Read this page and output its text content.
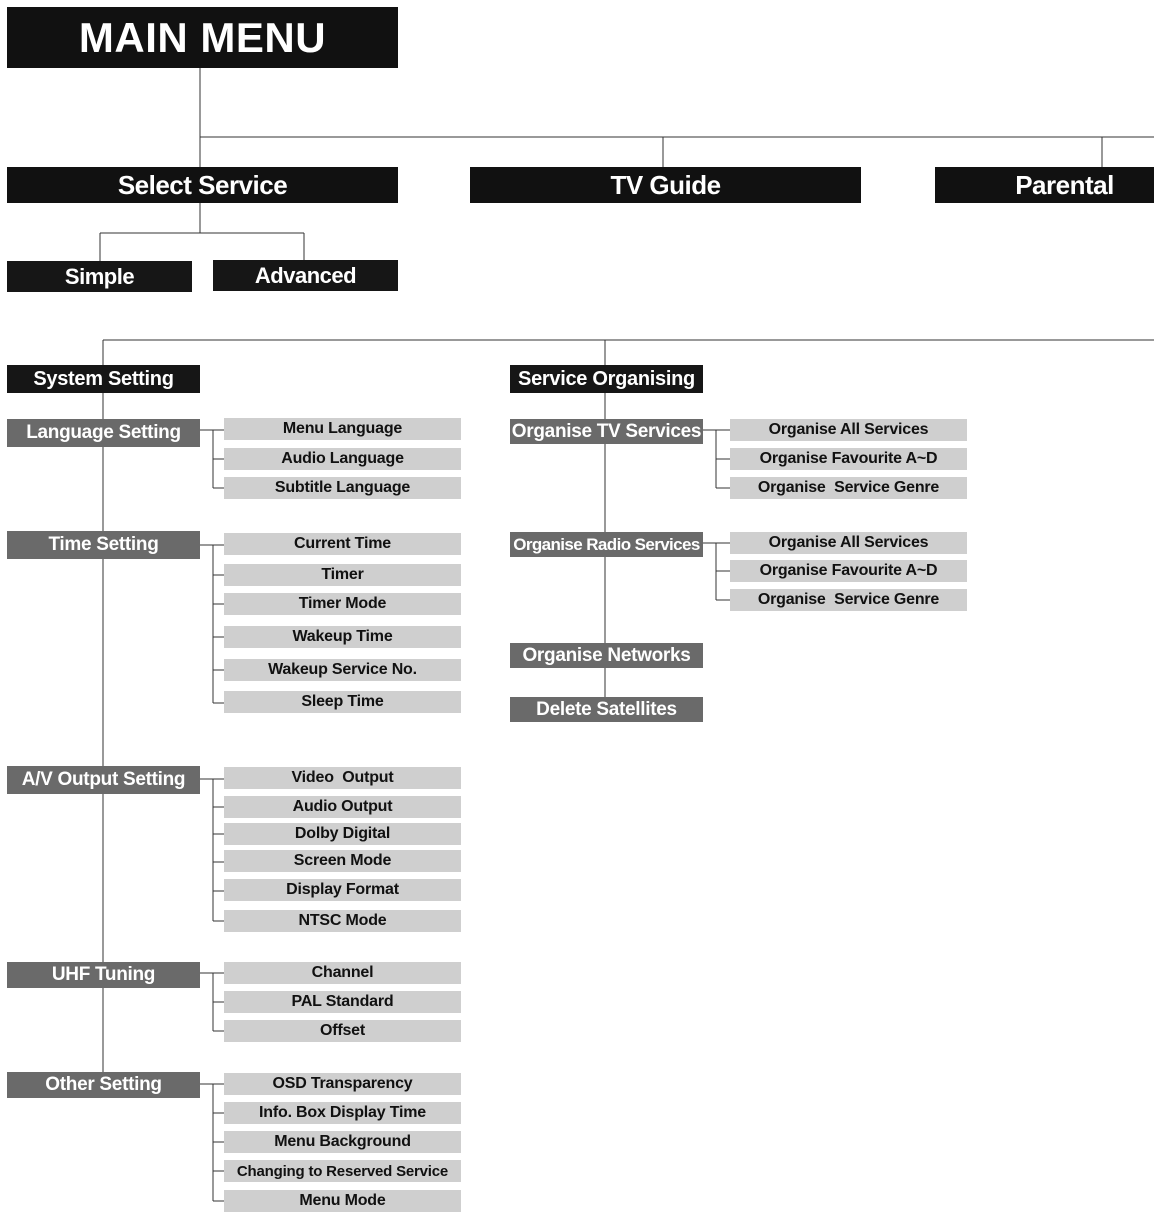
MAIN MENU
Select Service	TV Guide	Parental
Simple	Advanced
System Setting
Language Setting	Menu Language
Audio Language
Subtitle Language
Time Setting	Current Time
Timer
Timer Mode
Wakeup Time
Wakeup Service No.
Sleep Time
A/V Output Setting	Video  Output
Audio Output
Dolby Digital
Screen Mode
Display Format
NTSC Mode
UHF Tuning	Channel
PAL Standard
Offset
Other Setting	OSD Transparency
Info. Box Display Time
Menu Background
Changing to Reserved Service
Menu Mode
Service Organising
Organise TV Services	Organise All Services
Organise Favourite A~D
Organise  Service Genre
Organise Radio Services	Organise All Services
Organise Favourite A~D
Organise  Service Genre
Organise Networks
Delete Satellites
